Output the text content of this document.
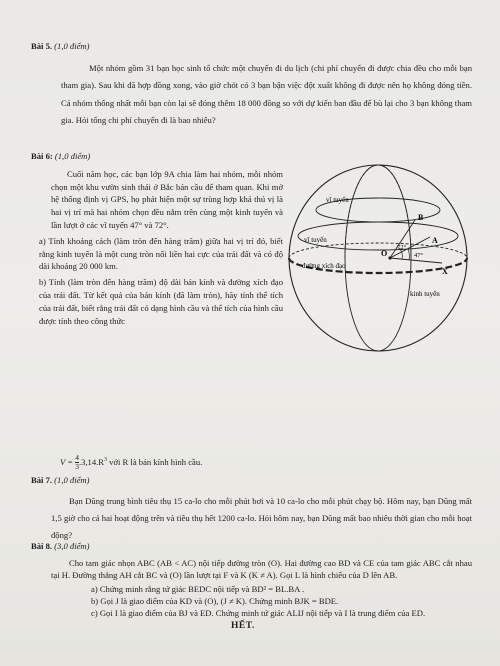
Bài 5. (1,0 điểm)
Một nhóm gồm 31 bạn học sinh tổ chức một chuyến đi du lịch (chi phí chuyến đi được chia đều cho mỗi bạn tham gia). Sau khi đã hợp đồng xong, vào giờ chót có 3 bạn bận việc đột xuất không đi được nên họ không đóng tiền. Cả nhóm thống nhất mỗi bạn còn lại sẽ đóng thêm 18 000 đồng so với dự kiến ban đầu để bù lại cho 3 bạn không tham gia. Hỏi tổng chi phí chuyến đi là bao nhiêu?
Bài 6: (1,0 điểm)
Cuối năm học, các bạn lớp 9A chia làm hai nhóm, mỗi nhóm chọn một khu vườn sinh thái ở Bắc bán cầu để tham quan. Khi mở hệ thống định vị GPS, họ phát hiện một sự trùng hợp khá thú vị là hai vị trí mà hai nhóm chọn đều nằm trên cùng một kinh tuyến và lần lượt ở các vĩ tuyến 47° và 72°.
a) Tính khoảng cách (làm tròn đến hàng trăm) giữa hai vị trí đó, biết rằng kinh tuyến là một cung tròn nối liền hai cực của trái đất và có độ dài khoảng 20 000 km.
b) Tính (làm tròn đến hàng trăm) độ dài bán kính và đường xích đạo của trái đất. Từ kết quả của bán kính (đã làm tròn), hãy tính thể tích của trái đất, biết rằng trái đất có dạng hình cầu và thể tích của hình cầu được tính theo công thức
$V = \frac{4}{3} .3,14.R^3$ với R là bán kính hình cầu.
vĩ tuyến
vĩ tuyến
đường xích đạo
kinh tuyến
O
A
B
X
72°
47°
Bài 7. (1,0 điểm)
Bạn Dũng trung bình tiêu thụ 15 ca-lo cho mỗi phút bơi và 10 ca-lo cho mỗi phút chạy bộ. Hôm nay, bạn Dũng mất 1,5 giờ cho cả hai hoạt động trên và tiêu thụ hết 1200 ca-lo. Hỏi hôm nay, bạn Dũng mất bao nhiêu thời gian cho mỗi hoạt động?
Bài 8. (3,0 điểm)
Cho tam giác nhọn ABC (AB < AC) nội tiếp đường tròn (O). Hai đường cao BD và CE của tam giác ABC cắt nhau tại H. Đường thẳng AH cắt BC và (O) lần lượt tại F và K (K ≠ A). Gọi L là hình chiếu của D lên AB.
a) Chứng minh rằng tứ giác BEDC nội tiếp và BD² = BL.BA .
b) Gọi J là giao điểm của KD và (O), (J ≠ K). Chứng minh BJK = BDE.
c) Gọi I là giao điểm của BJ và ED. Chứng minh tứ giác ALIJ nội tiếp và I là trung điểm của ED.
HẾT.
